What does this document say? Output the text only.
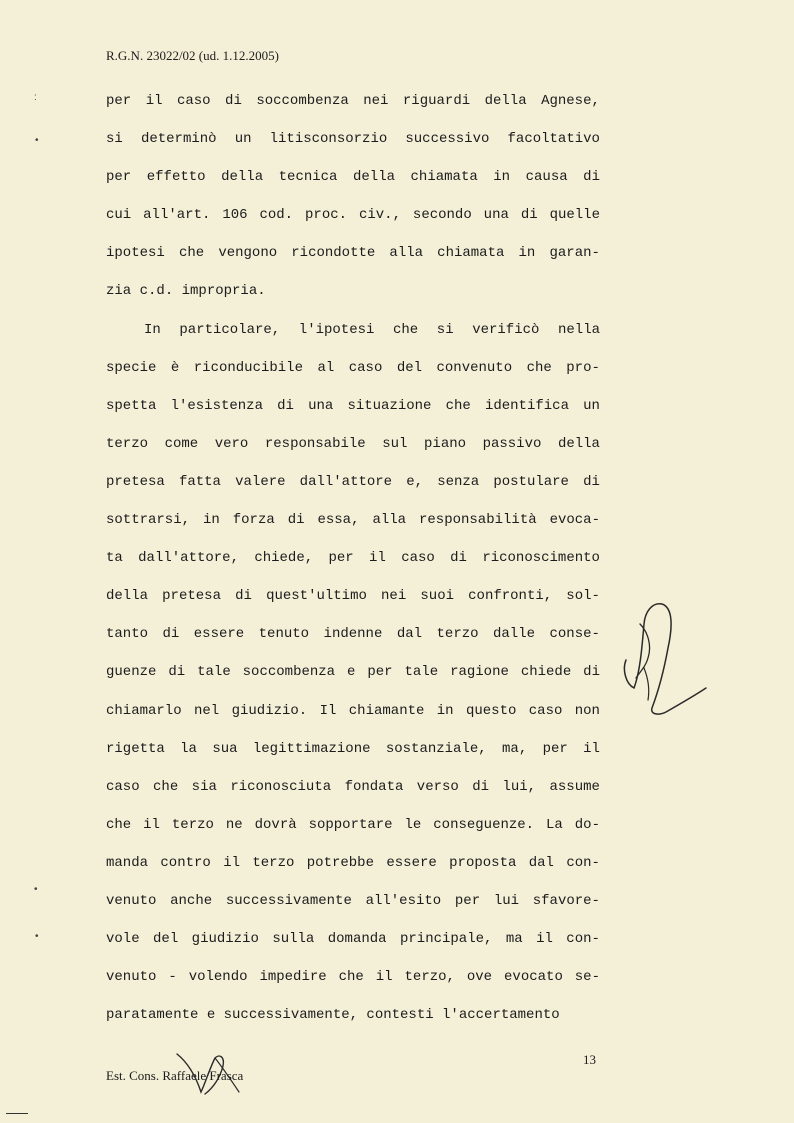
R.G.N. 23022/02 (ud. 1.12.2005)
per il caso di soccombenza nei riguardi della Agnese,
si determinò un litisconsorzio successivo facoltativo
per effetto della tecnica della chiamata in causa di
cui all'art. 106 cod. proc. civ., secondo una di quelle
ipotesi che vengono ricondotte alla chiamata in garan-
zia c.d. impropria.
In particolare, l'ipotesi che si verificò nella
specie è riconducibile al caso del convenuto che pro-
spetta l'esistenza di una situazione che identifica un
terzo come vero responsabile sul piano passivo della
pretesa fatta valere dall'attore e, senza postulare di
sottrarsi, in forza di essa, alla responsabilità evoca-
ta dall'attore, chiede, per il caso di riconoscimento
della pretesa di quest'ultimo nei suoi confronti, sol-
tanto di essere tenuto indenne dal terzo dalle conse-
guenze di tale soccombenza e per tale ragione chiede di
chiamarlo nel giudizio. Il chiamante in questo caso non
rigetta la sua legittimazione sostanziale, ma, per il
caso che sia riconosciuta fondata verso di lui, assume
che il terzo ne dovrà sopportare le conseguenze. La do-
manda contro il terzo potrebbe essere proposta dal con-
venuto anche successivamente all'esito per lui sfavore-
vole del giudizio sulla domanda principale, ma il con-
venuto - volendo impedire che il terzo, ove evocato se-
paratamente e successivamente, contesti l'accertamento
:
•
•
•
Est. Cons. Raffaele Frasca
13
